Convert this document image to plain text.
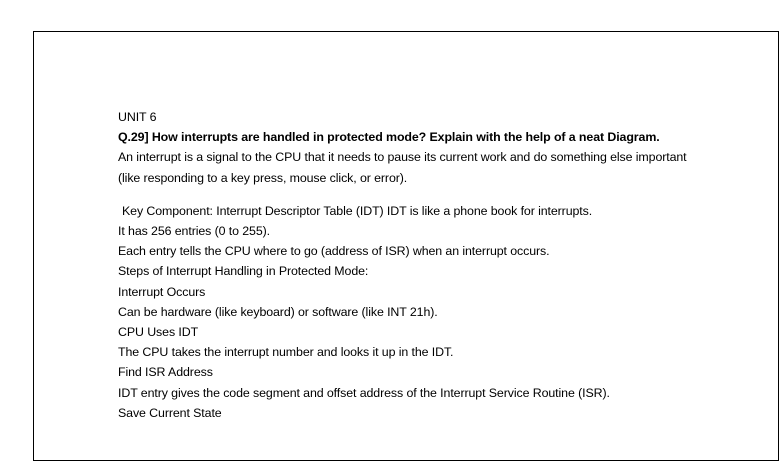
UNIT 6

Q.29] How interrupts are handled in protected mode? Explain with the help of a neat Diagram.

An interrupt is a signal to the CPU that it needs to pause its current work and do something else important

(like responding to a key press, mouse click, or error).

Key Component: Interrupt Descriptor Table (IDT) IDT is like a phone book for interrupts.

It has 256 entries (0 to 255).

Each entry tells the CPU where to go (address of ISR) when an interrupt occurs.

Steps of Interrupt Handling in Protected Mode:

Interrupt Occurs

Can be hardware (like keyboard) or software (like INT 21h).

CPU Uses IDT

The CPU takes the interrupt number and looks it up in the IDT.

Find ISR Address

IDT entry gives the code segment and offset address of the Interrupt Service Routine (ISR).

Save Current State
